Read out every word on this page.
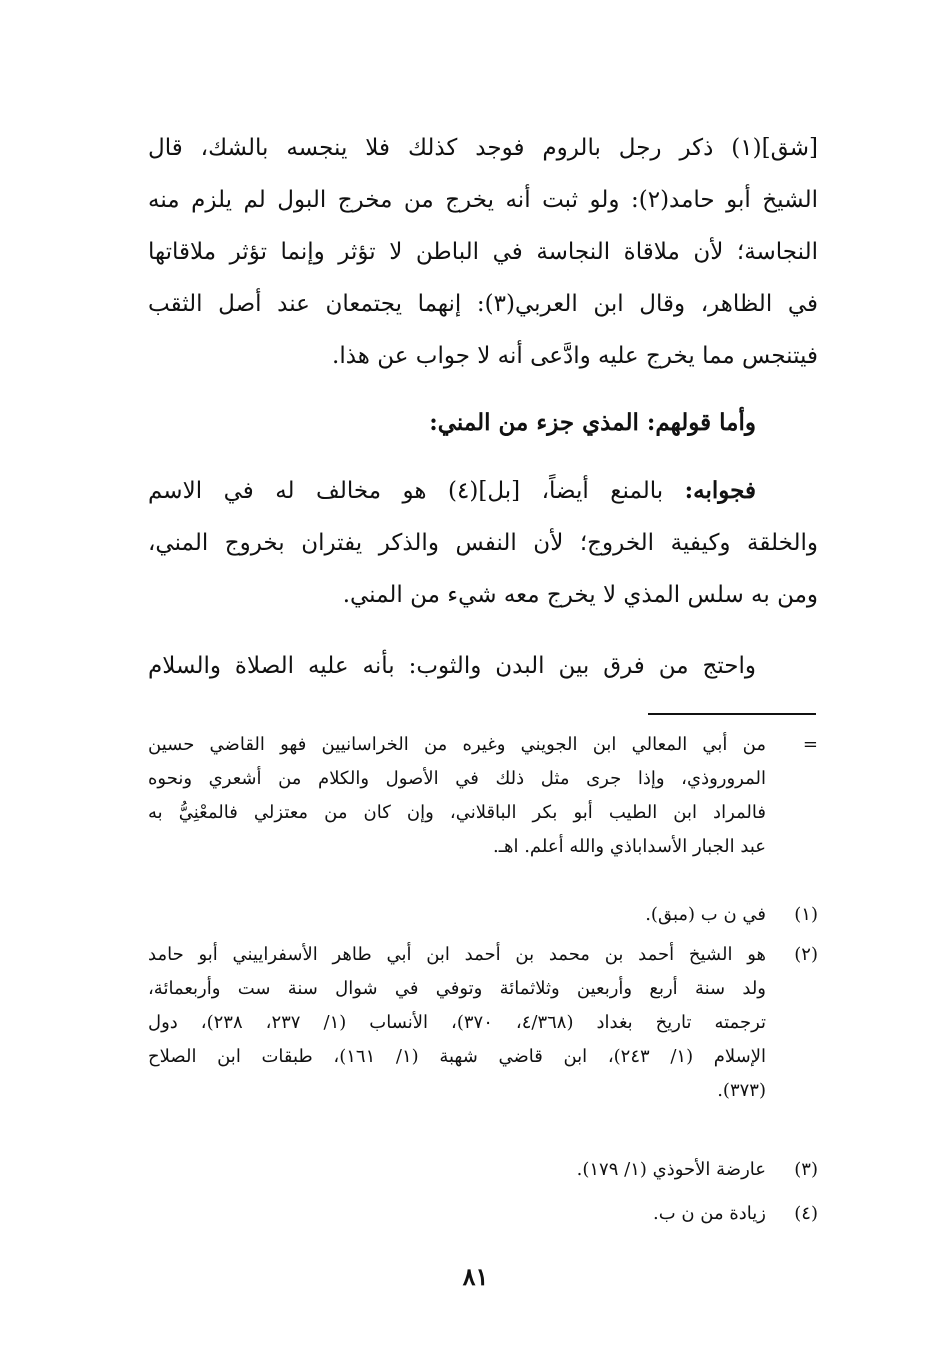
[شق](١) ذكر رجل بالروم فوجد كذلك فلا ينجسه بالشك، قال
الشيخ أبو حامد(٢): ولو ثبت أنه يخرج من مخرج البول لم يلزم منه
النجاسة؛ لأن ملاقاة النجاسة في الباطن لا تؤثر وإنما تؤثر ملاقاتها
في الظاهر، وقال ابن العربي(٣): إنهما يجتمعان عند أصل الثقب
فيتنجس مما يخرج عليه وادَّعى أنه لا جواب عن هذا.
وأما قولهم: المذي جزء من المني:
فجوابه: بالمنع أيضاً، [بل](٤) هو مخالف له في الاسم
والخلقة وكيفية الخروج؛ لأن النفس والذكر يفتران بخروج المني،
ومن به سلس المذي لا يخرج معه شيء من المني.
واحتج من فرق بين البدن والثوب: بأنه عليه الصلاة والسلام
=
من أبي المعالي ابن الجويني وغيره من الخراسانيين فهو القاضي حسين
المروروذي، وإذا جرى مثل ذلك في الأصول والكلام من أشعري ونحوه
فالمراد ابن الطيب أبو بكر الباقلاني، وإن كان من معتزلي فالمعْنِيُّ به
عبد الجبار الأسداباذي والله أعلم. اهـ.
(١)
في ن ب (مبق).
(٢)
هو الشيخ أحمد بن محمد بن أحمد ابن أبي طاهر الأسفراييني أبو حامد
ولد سنة أربع وأربعين وثلاثمائة وتوفي في شوال سنة ست وأربعمائة،
ترجمته تاريخ بغداد (٤/٣٦٨، ٣٧٠)، الأنساب (١/ ٢٣٧، ٢٣٨)، دول
الإسلام (١/ ٢٤٣)، ابن قاضي شهبة (١/ ١٦١)، طبقات ابن الصلاح
(٣٧٣).
(٣)
عارضة الأحوذي (١/ ١٧٩).
(٤)
زيادة من ن ب.
٨١
